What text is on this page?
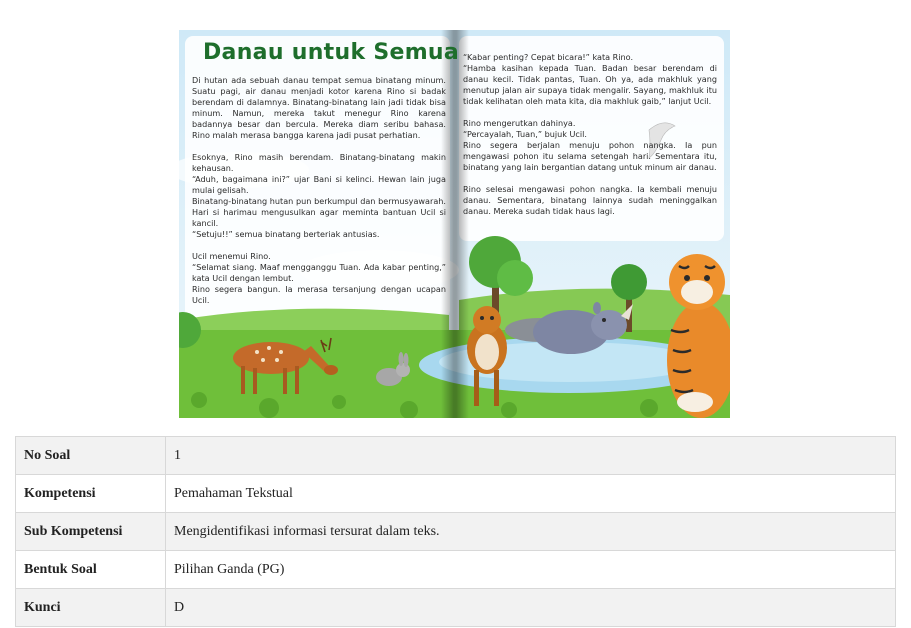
Danau untuk Semua

Di hutan ada sebuah danau tempat semua binatang minum. Suatu pagi, air danau menjadi kotor karena Rino si badak berendam di dalamnya. Binatang-binatang lain jadi tidak bisa minum. Namun, mereka takut menegur Rino karena badannya besar dan bercula. Mereka diam seribu bahasa. Rino malah merasa bangga karena jadi pusat perhatian.

Esoknya, Rino masih berendam. Binatang-binatang makin kehausan.

“Aduh, bagaimana ini?” ujar Bani si kelinci. Hewan lain juga mulai gelisah.

Binatang-binatang hutan pun berkumpul dan bermusyawarah. Hari si harimau mengusulkan agar meminta bantuan Ucil si kancil.

“Setuju!!” semua binatang berteriak antusias.

Ucil menemui Rino.

“Selamat siang. Maaf mengganggu Tuan. Ada kabar penting,” kata Ucil dengan lembut.

Rino segera bangun. Ia merasa tersanjung dengan ucapan Ucil.

“Kabar penting? Cepat bicara!” kata Rino.

“Hamba kasihan kepada Tuan. Badan besar berendam di danau kecil. Tidak pantas, Tuan. Oh ya, ada makhluk yang menutup jalan air supaya tidak mengalir. Sayang, makhluk itu tidak kelihatan oleh mata kita, dia makhluk gaib,” lanjut Ucil.

Rino mengerutkan dahinya.

“Percayalah, Tuan,” bujuk Ucil.

Rino segera berjalan menuju pohon nangka. Ia pun mengawasi pohon itu selama setengah hari. Sementara itu, binatang yang lain bergantian datang untuk minum air danau.

Rino selesai mengawasi pohon nangka. Ia kembali menuju danau. Sementara, binatang lainnya sudah meninggalkan danau. Mereka sudah tidak haus lagi.

No Soal	1
Kompetensi	Pemahaman Tekstual
Sub Kompetensi	Mengidentifikasi informasi tersurat dalam teks.
Bentuk Soal	Pilihan Ganda (PG)
Kunci	D
